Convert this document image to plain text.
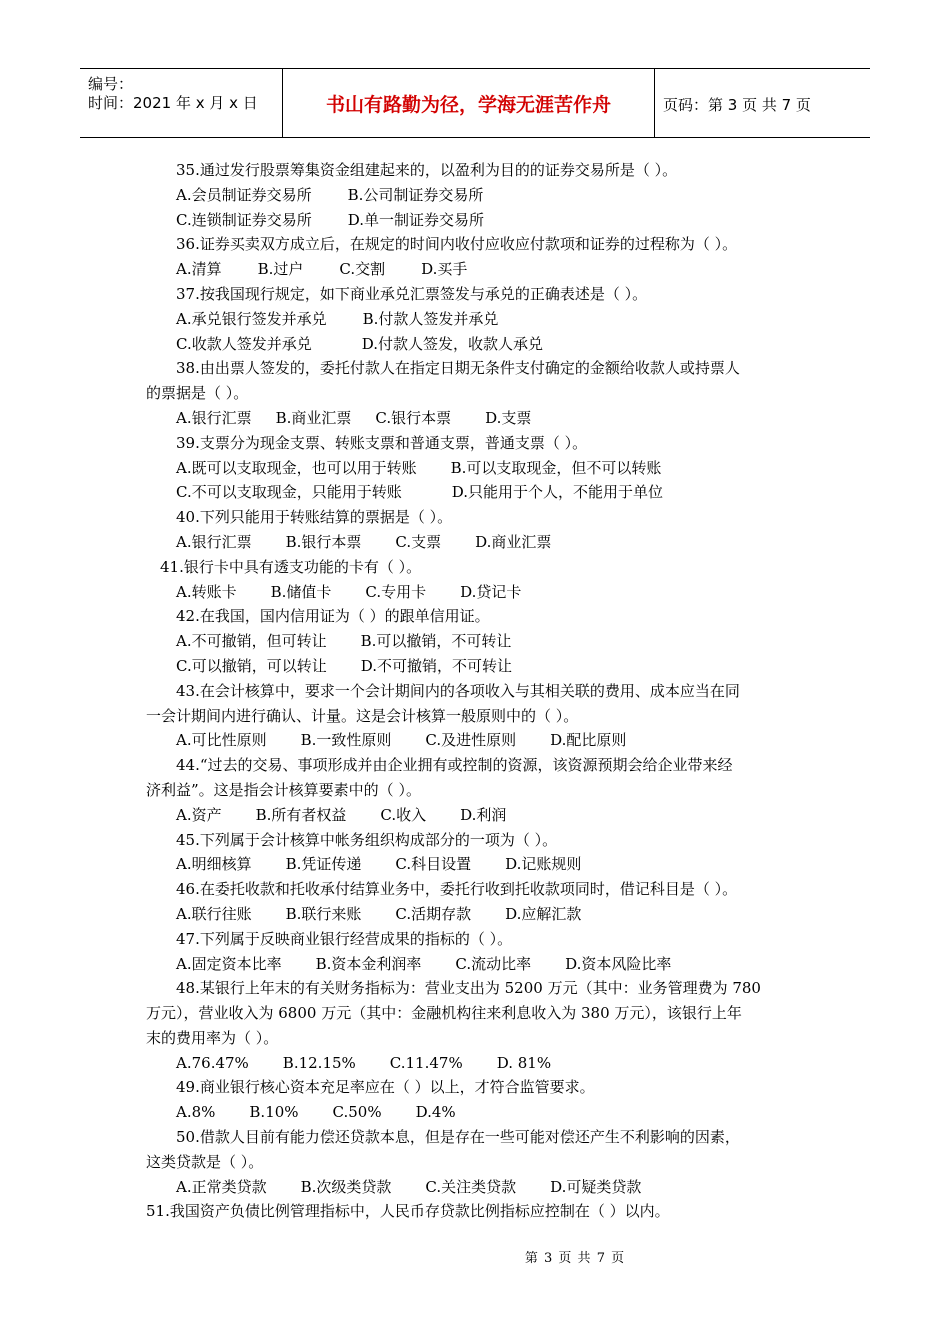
编号：
时间：2021 年 x 月 x 日	书山有路勤为径，学海无涯苦作舟	页码：第 3 页 共 7 页
35.通过发行股票筹集资金组建起来的，以盈利为目的的证券交易所是（ ）。
A.会员制证券交易所 B.公司制证券交易所
C.连锁制证券交易所 D.单一制证券交易所
36.证券买卖双方成立后，在规定的时间内收付应收应付款项和证券的过程称为（ ）。
A.清算 B.过户 C.交割 D.买手
37.按我国现行规定，如下商业承兑汇票签发与承兑的正确表述是（ ）。
A.承兑银行签发并承兑 B.付款人签发并承兑
C.收款人签发并承兑	D.付款人签发，收款人承兑
38.由出票人签发的，委托付款人在指定日期无条件支付确定的金额给收款人或持票人
的票据是（ ）。
A.银行汇票 B.商业汇票 C.银行本票 D.支票
39.支票分为现金支票、转账支票和普通支票，普通支票（ ）。
A.既可以支取现金，也可以用于转账 B.可以支取现金，但不可以转账
C.不可以支取现金，只能用于转账	D.只能用于个人，不能用于单位
40.下列只能用于转账结算的票据是（ ）。
A.银行汇票 B.银行本票 C.支票 D.商业汇票
41.银行卡中具有透支功能的卡有（ ）。
A.转账卡 B.储值卡 C.专用卡 D.贷记卡
42.在我国，国内信用证为（ ）的跟单信用证。
A.不可撤销，但可转让 B.可以撤销，不可转让
C.可以撤销，可以转让 D.不可撤销，不可转让
43.在会计核算中，要求一个会计期间内的各项收入与其相关联的费用、成本应当在同
一会计期间内进行确认、计量。这是会计核算一般原则中的（ ）。
A.可比性原则 B.一致性原则 C.及进性原则 D.配比原则
44.“过去的交易、事项形成并由企业拥有或控制的资源，该资源预期会给企业带来经
济利益”。这是指会计核算要素中的（ ）。
A.资产 B.所有者权益 C.收入 D.利润
45.下列属于会计核算中帐务组织构成部分的一项为（ ）。
A.明细核算 B.凭证传递 C.科目设置 D.记账规则
46.在委托收款和托收承付结算业务中，委托行收到托收款项同时，借记科目是（ ）。
A.联行往账 B.联行来账 C.活期存款 D.应解汇款
47.下列属于反映商业银行经营成果的指标的（ ）。
A.固定资本比率 B.资本金利润率 C.流动比率 D.资本风险比率
48.某银行上年末的有关财务指标为：营业支出为 5200 万元（其中：业务管理费为 780
万元），营业收入为 6800 万元（其中：金融机构往来利息收入为 380 万元），该银行上年
末的费用率为（ ）。
A.76.47% B.12.15% C.11.47% D. 81%
49.商业银行核心资本充足率应在（ ）以上，才符合监管要求。
A.8% B.10% C.50% D.4%
50.借款人目前有能力偿还贷款本息，但是存在一些可能对偿还产生不利影响的因素，
这类贷款是（ ）。
A.正常类贷款 B.次级类贷款 C.关注类贷款 D.可疑类贷款
51.我国资产负债比例管理指标中，人民币存贷款比例指标应控制在（ ）以内。
第 3 页 共 7 页
